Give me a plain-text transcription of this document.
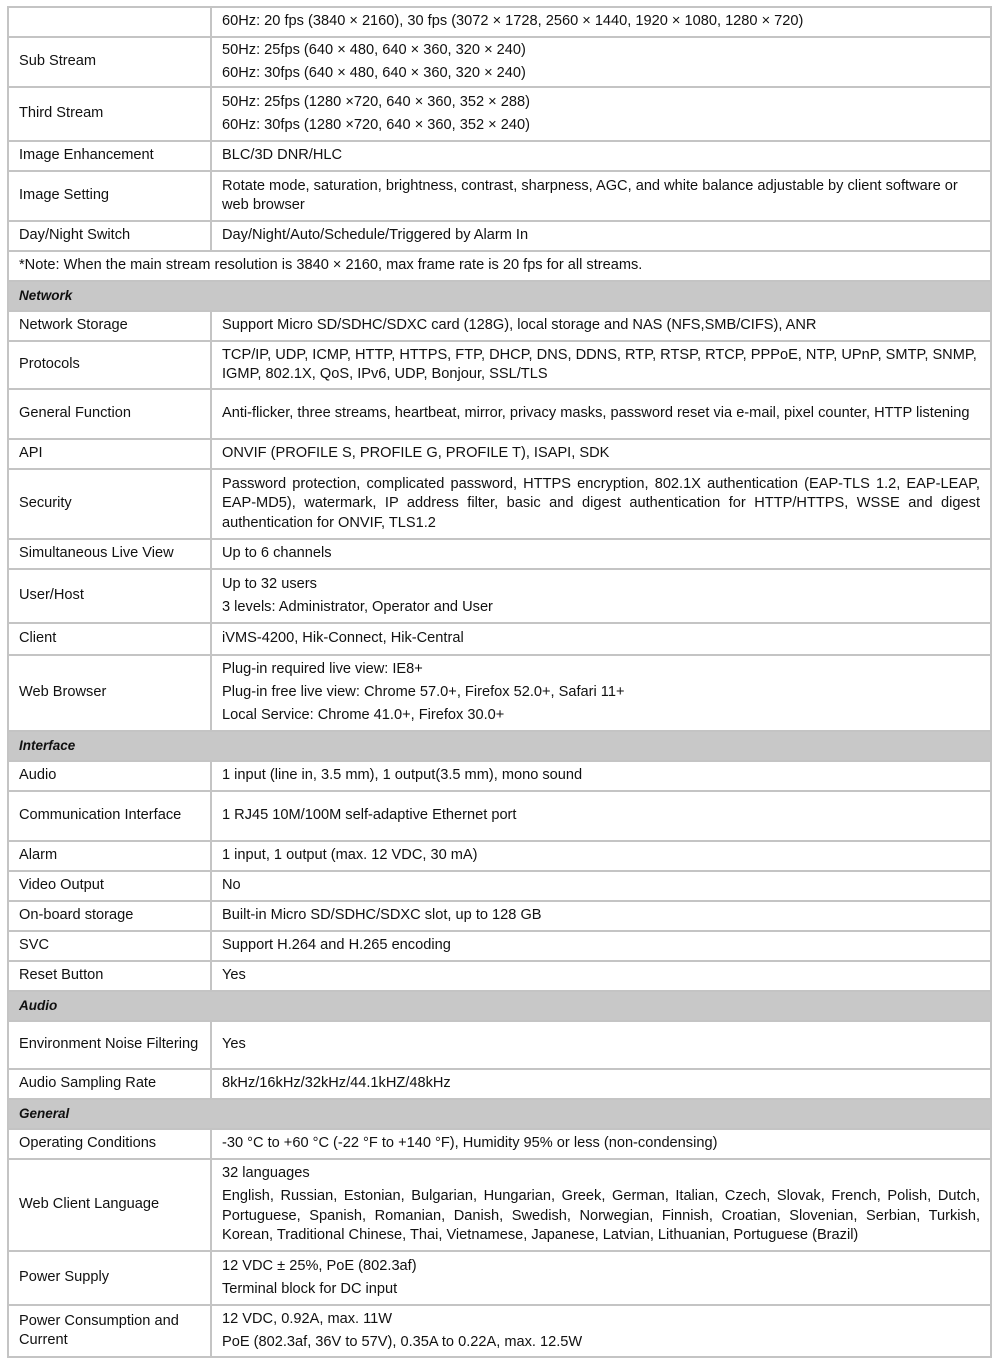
	60Hz: 20 fps (3840 × 2160), 30 fps (3072 × 1728, 2560 × 1440, 1920 × 1080, 1280 × 720)

Sub Stream	50Hz: 25fps (640 × 480, 640 × 360, 320 × 240)
60Hz: 30fps (640 × 480, 640 × 360, 320 × 240)

Third Stream	50Hz: 25fps (1280 ×720, 640 × 360, 352 × 288)
60Hz: 30fps (1280 ×720, 640 × 360, 352 × 240)

Image Enhancement	BLC/3D DNR/HLC

Image Setting	Rotate mode, saturation, brightness, contrast, sharpness, AGC, and white balance adjustable by client software or web browser

Day/Night Switch	Day/Night/Auto/Schedule/Triggered by Alarm In

*Note: When the main stream resolution is 3840 × 2160, max frame rate is 20 fps for all streams.	
Network	
Network Storage	Support Micro SD/SDHC/SDXC card (128G), local storage and NAS (NFS,SMB/CIFS), ANR

Protocols	TCP/IP, UDP, ICMP, HTTP, HTTPS, FTP, DHCP, DNS, DDNS, RTP, RTSP, RTCP, PPPoE, NTP, UPnP, SMTP, SNMP, IGMP, 802.1X, QoS, IPv6, UDP, Bonjour, SSL/TLS

General Function	Anti-flicker, three streams, heartbeat, mirror, privacy masks, password reset via e-mail, pixel counter, HTTP listening

API	ONVIF (PROFILE S, PROFILE G, PROFILE T), ISAPI, SDK

Security	Password protection, complicated password, HTTPS encryption, 802.1X authentication (EAP-TLS 1.2, EAP-LEAP, EAP-MD5), watermark, IP address filter, basic and digest authentication for HTTP/HTTPS, WSSE and digest authentication for ONVIF, TLS1.2

Simultaneous Live View	Up to 6 channels

User/Host	Up to 32 users
3 levels: Administrator, Operator and User

Client	iVMS-4200, Hik-Connect, Hik-Central

Web Browser	Plug-in required live view: IE8+
Plug-in free live view: Chrome 57.0+, Firefox 52.0+, Safari 11+
Local Service: Chrome 41.0+, Firefox 30.0+

Interface	
Audio	1 input (line in, 3.5 mm), 1 output(3.5 mm), mono sound

Communication Interface	1 RJ45 10M/100M self-adaptive Ethernet port

Alarm	1 input, 1 output (max. 12 VDC, 30 mA)

Video Output	No

On-board storage	Built-in Micro SD/SDHC/SDXC slot, up to 128 GB

SVC	Support H.264 and H.265 encoding

Reset Button	Yes

Audio	
Environment Noise Filtering	Yes

Audio Sampling Rate	8kHz/16kHz/32kHz/44.1kHZ/48kHz

General	
Operating Conditions	-30 °C to +60 °C (-22 °F to +140 °F), Humidity 95% or less (non-condensing)

Web Client Language	32 languages
English, Russian, Estonian, Bulgarian, Hungarian, Greek, German, Italian, Czech, Slovak, French, Polish, Dutch, Portuguese, Spanish, Romanian, Danish, Swedish, Norwegian, Finnish, Croatian, Slovenian, Serbian, Turkish, Korean, Traditional Chinese, Thai, Vietnamese, Japanese, Latvian, Lithuanian, Portuguese (Brazil)

Power Supply	12 VDC ± 25%, PoE (802.3af)
Terminal block for DC input

Power Consumption and Current	12 VDC, 0.92A, max. 11W
PoE (802.3af, 36V to 57V), 0.35A to 0.22A, max. 12.5W
